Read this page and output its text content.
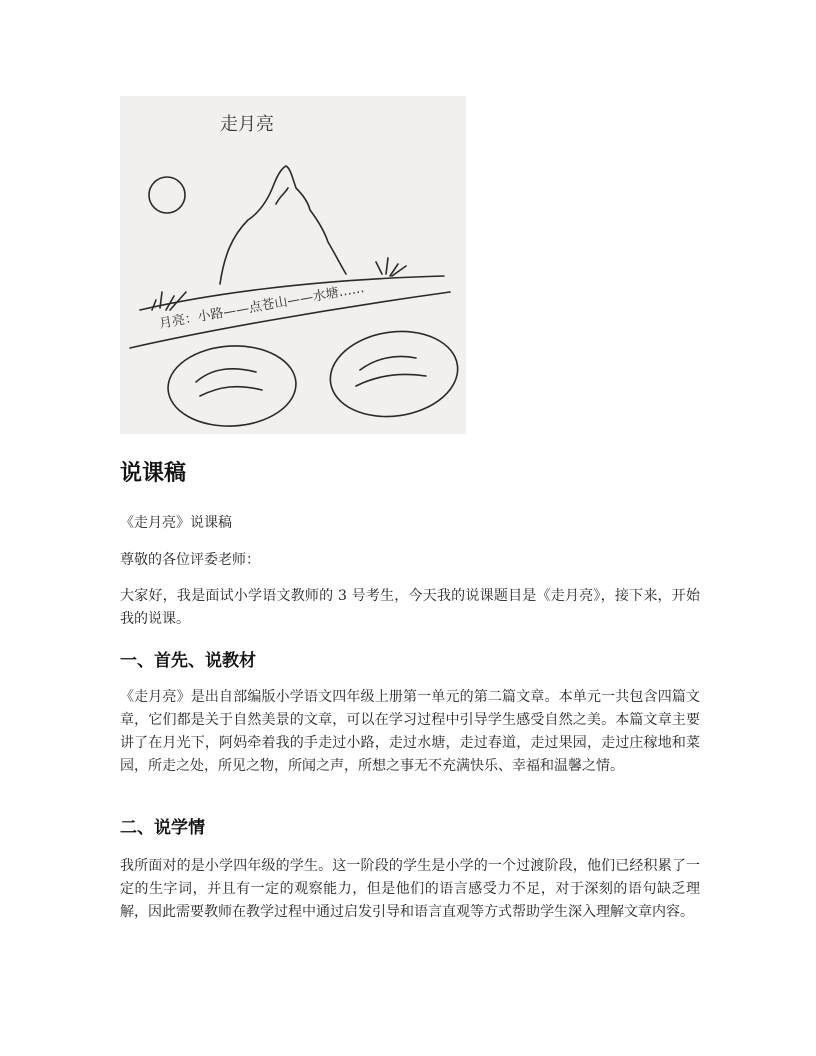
走月亮
月亮：小路——点苍山——水塘……
说课稿

《走月亮》说课稿

尊敬的各位评委老师：

大家好，我是面试小学语文教师的 3 号考生，今天我的说课题目是《走月亮》，接下来，开始我的说课。

一、首先、说教材

《走月亮》是出自部编版小学语文四年级上册第一单元的第二篇文章。本单元一共包含四篇文章，它们都是关于自然美景的文章，可以在学习过程中引导学生感受自然之美。本篇文章主要讲了在月光下，阿妈牵着我的手走过小路，走过水塘，走过春道，走过果园，走过庄稼地和菜园，所走之处，所见之物，所闻之声，所想之事无不充满快乐、幸福和温馨之情。

二、说学情

我所面对的是小学四年级的学生。这一阶段的学生是小学的一个过渡阶段，他们已经积累了一定的生字词，并且有一定的观察能力，但是他们的语言感受力不足，对于深刻的语句缺乏理解，因此需要教师在教学过程中通过启发引导和语言直观等方式帮助学生深入理解文章内容。
